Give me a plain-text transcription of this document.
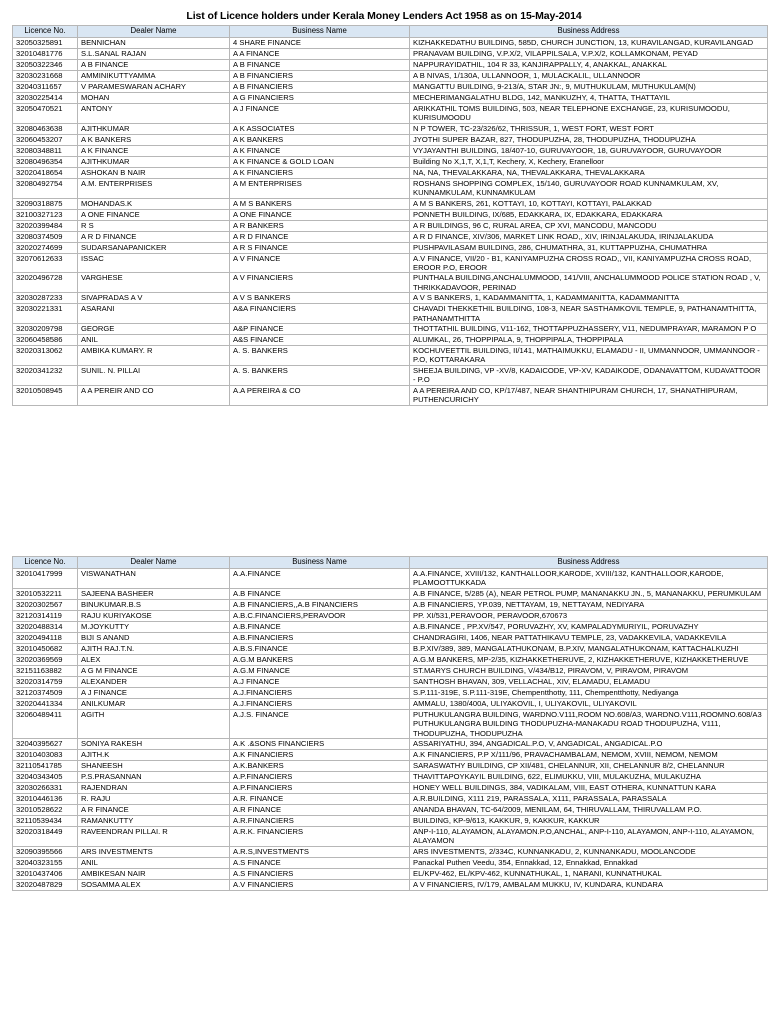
List of Licence holders under Kerala Money Lenders Act 1958 as on 15-May-2014
Licence No.	Dealer Name	Business Name	Business Address
32050325891	BENNICHAN	4 SHARE FINANCE	KIZHAKKEDATHU BUILDING, 585D, CHURCH JUNCTION, 13, KURAVILANGAD, KURAVILANGAD
32010481776	S.L.SANAL RAJAN	A A FINANCE	PRANAVAM BUILDING, V.P.X/2, VILAPPILSALA, V.P.X/2, KOLLAMKONAM, PEYAD
32050322346	A B FINANCE	A B FINANCE	NAPPURAYIDATHIL, 104 R 33, KANJIRAPPALLY, 4, ANAKKAL, ANAKKAL
32030231668	AMMINIKUTTYAMMA	A B FINANCIERS	A B NIVAS, 1/130A, ULLANNOOR, 1, MULACKALIL, ULLANNOOR
32040311657	V PARAMESWARAN ACHARY	A B FINANCIERS	MANGATTU BUILDING, 9-213/A, STAR JN:, 9, MUTHUKULAM, MUTHUKULAM(N)
32030225414	MOHAN	A G FINANCIERS	MECHERIMANGALATHU BLDG, 142, MANKUZHY, 4, THATTA, THATTAYIL
32050470521	ANTONY	A J FINANCE	ARIKKATHIL TOMS BUILDING, 503, NEAR TELEPHONE EXCHANGE, 23, KURISUMOODU, KURISUMOODU
32080463638	AJITHKUMAR	A K ASSOCIATES	N P TOWER, TC-23/326/62, THRISSUR, 1, WEST FORT, WEST FORT
32060453207	A K BANKERS	A K BANKERS	JYOTHI SUPER BAZAR, 827, THODUPUZHA, 28, THODUPUZHA, THODUPUZHA
32080348811	A K FINANCE	A K FINANCE	VYJAYANTHI BUILDING, 18/407-10, GURUVAYOOR, 18, GURUVAYOOR, GURUVAYOOR
32080496354	AJITHKUMAR	A K FINANCE & GOLD LOAN	Building No X,1,T, X,1,T, Kechery, X, Kechery, Eranelloor
32020418654	ASHOKAN B NAIR	A K FINANCIERS	NA, NA, THEVALAKKARA, NA, THEVALAKKARA, THEVALAKKARA
32080492754	A.M. ENTERPRISES	A M ENTERPRISES	ROSHANS SHOPPING COMPLEX, 15/140, GURUVAYOOR ROAD KUNNAMKULAM, XV, KUNNAMKULAM, KUNNAMKULAM
32090318875	MOHANDAS.K	A M S BANKERS	A M S BANKERS, 261, KOTTAYI, 10, KOTTAYI, KOTTAYI, PALAKKAD
32100327123	A ONE FINANCE	A ONE FINANCE	PONNETH BUILDING, IX/685, EDAKKARA, IX, EDAKKARA, EDAKKARA
32020399484	R S	A R BANKERS	A R BUILDINGS, 96 C, RURAL AREA, CP XVI, MANCODU, MANCODU
32080374509	A R D FINANCE	A R D FINANCE	A R D FINANCE, XIV/306, MARKET LINK ROAD,, XIV, IRINJALAKUDA, IRINJALAKUDA
32020274699	SUDARSANAPANICKER	A R S FINANCE	PUSHPAVILASAM BUILDING, 286, CHUMATHRA, 31, KUTTAPPUZHA, CHUMATHRA
32070612633	ISSAC	A V FINANCE	A.V FINANCE, VII/20 - B1, KANIYAMPUZHA CROSS ROAD,, VII, KANIYAMPUZHA CROSS ROAD, EROOR P.O, EROOR
32020496728	VARGHESE	A V FINANCIERS	PUNTHALA BUILDING,ANCHALUMMOOD, 141/VIII, ANCHALUMMOOD POLICE STATION ROAD , V, THRIKKADAVOOR, PERINAD
32030287233	SIVAPRADAS A V	A V S BANKERS	A V S BANKERS, 1, KADAMMANITTA, 1, KADAMMANITTA, KADAMMANITTA
32030221331	ASARANI	A&A FINANCIERS	CHAVADI THEKKETHIL BUILDING, 108-3, NEAR SASTHAMKOVIL TEMPLE, 9, PATHANAMTHITTA, PATHANAMTHITTA
32030209798	GEORGE	A&P FINANCE	THOTTATHIL BUILDING, V11-162, THOTTAPPUZHASSERY, V11, NEDUMPRAYAR, MARAMON P O
32060458586	ANIL	A&S FINANCE	ALUMKAL, 26, THOPPIPALA, 9, THOPPIPALA, THOPPIPALA
32020313062	AMBIKA KUMARY. R	A. S. BANKERS	KOCHUVEETTIL BUILDING, II/141, MATHAIMUKKU, ELAMADU - II, UMMANNOOR, UMMANNOOR - P.O, KOTTARAKARA
32020341232	SUNIL. N. PILLAI	A. S. BANKERS	SHEEJA BUILDING, VP -XV/8, KADAICODE, VP-XV, KADAIKODE, ODANAVATTOM, KUDAVATTOOR - P.O
32010508945	A A PEREIR AND CO	A.A PEREIRA & CO	A A PEREIRA AND CO, KP/17/487, NEAR SHANTHIPURAM CHURCH, 17, SHANATHIPURAM, PUTHENCURICHY
Licence No.	Dealer Name	Business Name	Business Address
32010417999	VISWANATHAN	A.A.FINANCE	A.A.FINANCE, XVIII/132, KANTHALLOOR,KARODE, XVIII/132, KANTHALLOOR,KARODE, PLAMOOTTUKKADA
32010532211	SAJEENA BASHEER	A.B FINANCE	A.B FINANCE, 5/285 (A), NEAR PETROL PUMP, MANANAKKU JN., 5, MANANAKKU, PERUMKULAM
32020302567	BINUKUMAR.B.S	A.B FINANCIERS,,A.B FINANCIERS	A.B FINANCIERS, YP.039, NETTAYAM, 19, NETTAYAM, NEDIYARA
32120314119	RAJU KURIYAKOSE	A.B.C.FINANCIERS,PERAVOOR	PP. XI/531,PERAVOOR, PERAVOOR,670673
32020488314	M.JOYKUTTY	A.B.FINANCE	A.B.FINANCE , PP.XV/547, PORUVAZHY, XV, KAMPALADYMURIYIL, PORUVAZHY
32020494118	BIJI S ANAND	A.B.FINANCIERS	CHANDRAGIRI, 1406, NEAR PATTATHIKAVU TEMPLE, 23, VADAKKEVILA, VADAKKEVILA
32010450682	AJITH RAJ.T.N.	A.B.S.FINANCE	B.P.XIV/389, 389, MANGALATHUKONAM, B.P.XIV, MANGALATHUKONAM, KATTACHALKUZHI
32020369569	ALEX	A.G.M BANKERS	A.G.M BANKERS, MP-2/35, KIZHAKKETHERUVE, 2, KIZHAKKETHERUVE, KIZHAKKETHERUVE
32151163882	A G M FINANCE	A.G.M FINANCE	ST.MARYS CHURCH BUILDING, V/434/B12, PIRAVOM, V, PIRAVOM, PIRAVOM
32020314759	ALEXANDER	A.J FINANCE	SANTHOSH BHAVAN, 309, VELLACHAL, XIV, ELAMADU, ELAMADU
32120374509	A J FINANCE	A.J.FINANCIERS	S.P.111-319E, S.P.111-319E, Chempentthotty, 111, Chempentthotty, Nediyanga
32020441334	ANILKUMAR	A.J.FINANCIERS	AMMALU, 1380/400A, ULIYAKOVIL, I, ULIYAKOVIL, ULIYAKOVIL
32060489411	AGITH	A.J.S. FINANCE	PUTHUKULANGRA BUILDING, WARDNO.V111,ROOM NO.608/A3, WARDNO.V111,ROOMNO.608/A3 PUTHUKULANGRA BUILDING THODUPUZHA-MANAKADU ROAD THODUPUZHA, V111, THODUPUZHA, THODUPUZHA
32040395627	SONIYA RAKESH	A.K .&SONS FINANCIERS	ASSARIYATHU, 394, ANGADICAL.P.O, V, ANGADICAL, ANGADICAL.P.O
32010403083	AJITH.K	A.K FINANCIERS	A.K FINANCIERS, P.P X/111/96, PRAVACHAMBALAM, NEMOM, XVIII, NEMOM, NEMOM
32110541785	SHANEESH	A.K.BANKERS	SARASWATHY BUILDING, CP XII/481, CHELANNUR, XII, CHELANNUR 8/2, CHELANNUR
32040343405	P.S.PRASANNAN	A.P.FINANCIERS	THAVITTAPOYKAYIL BUILDING, 622, ELIMUKKU, VIII, MULAKUZHA, MULAKUZHA
32030266331	RAJENDRAN	A.P.FINANCIERS	HONEY WELL BUILDINGS, 384, VADIKALAM, VIII, EAST OTHERA, KUNNATTUN KARA
32010446136	R. RAJU	A.R. FINANCE	A.R.BUILDING, X111 219, PARASSALA, X111, PARASSALA, PARASSALA
32010528622	A R FINANCE	A.R FINANCE	ANANDA BHAVAN, TC-64/2009, MENILAM, 64, THIRUVALLAM, THIRUVALLAM P.O.
32110539434	RAMANKUTTY	A.R.FINANCIERS	BUILDING, KP-9/613, KAKKUR, 9, KAKKUR, KAKKUR
32020318449	RAVEENDRAN PILLAI. R	A.R.K. FINANCIERS	ANP-I-110, ALAYAMON, ALAYAMON.P.O,ANCHAL, ANP-I-110, ALAYAMON, ANP-I-110, ALAYAMON, ALAYAMON
32090395566	ARS INVESTMENTS	A.R.S,INVESTMENTS	ARS INVESTMENTS, 2/334C, KUNNANKADU, 2, KUNNANKADU, MOOLANCODE
32040323155	ANIL	A.S FINANCE	Panackal Puthen Veedu, 354, Ennakkad, 12, Ennakkad, Ennakkad
32010437406	AMBIKESAN NAIR	A.S FINANCIERS	EL/KPV-462, EL/KPV-462, KUNNATHUKAL, 1, NARANI, KUNNATHUKAL
32020487829	SOSAMMA ALEX	A.V FINANCIERS	A V FINANCIERS, IV/179, AMBALAM MUKKU, IV, KUNDARA, KUNDARA
